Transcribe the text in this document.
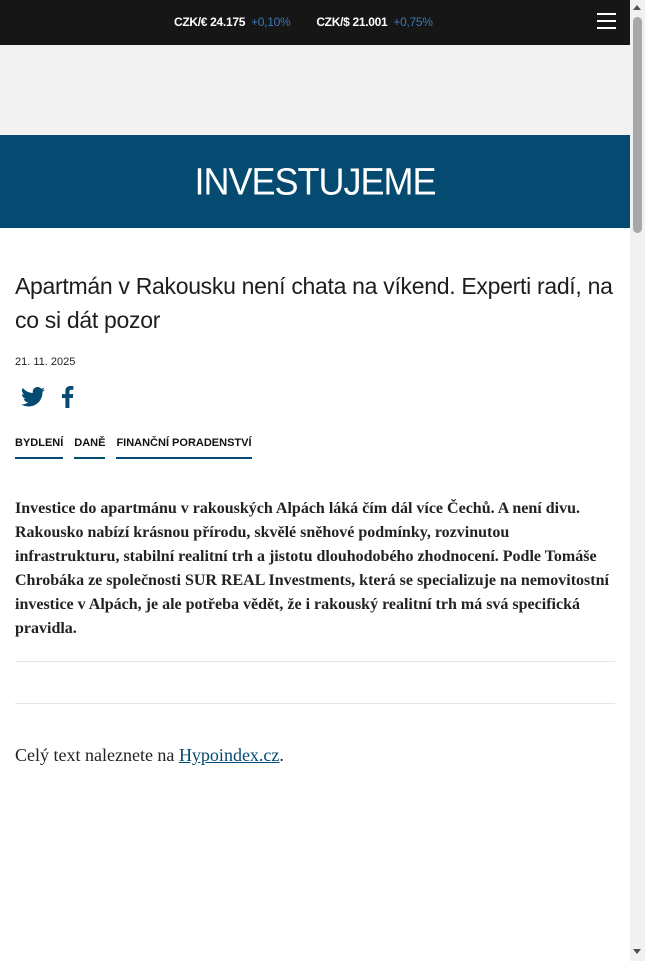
CZK/€ 24.175 +0,10% CZK/$ 21.001 +0,75%
INVESTUJEME
Apartmán v Rakousku není chata na víkend. Experti radí, na co si dát pozor
21. 11. 2025
BYDLENÍ DANĚ FINANČNÍ PORADENSTVÍ

Investice do apartmánu v rakouských Alpách láká čím dál více Čechů. A není divu. Rakousko nabízí krásnou přírodu, skvělé sněhové podmínky, rozvinutou infrastrukturu, stabilní realitní trh a jistotu dlouhodobého zhodnocení. Podle Tomáše Chrobáka ze společnosti SUR REAL Investments, která se specializuje na nemovitostní investice v Alpách, je ale potřeba vědět, že i rakouský realitní trh má svá specifická pravidla.

Celý text naleznete na Hypoindex.cz.
